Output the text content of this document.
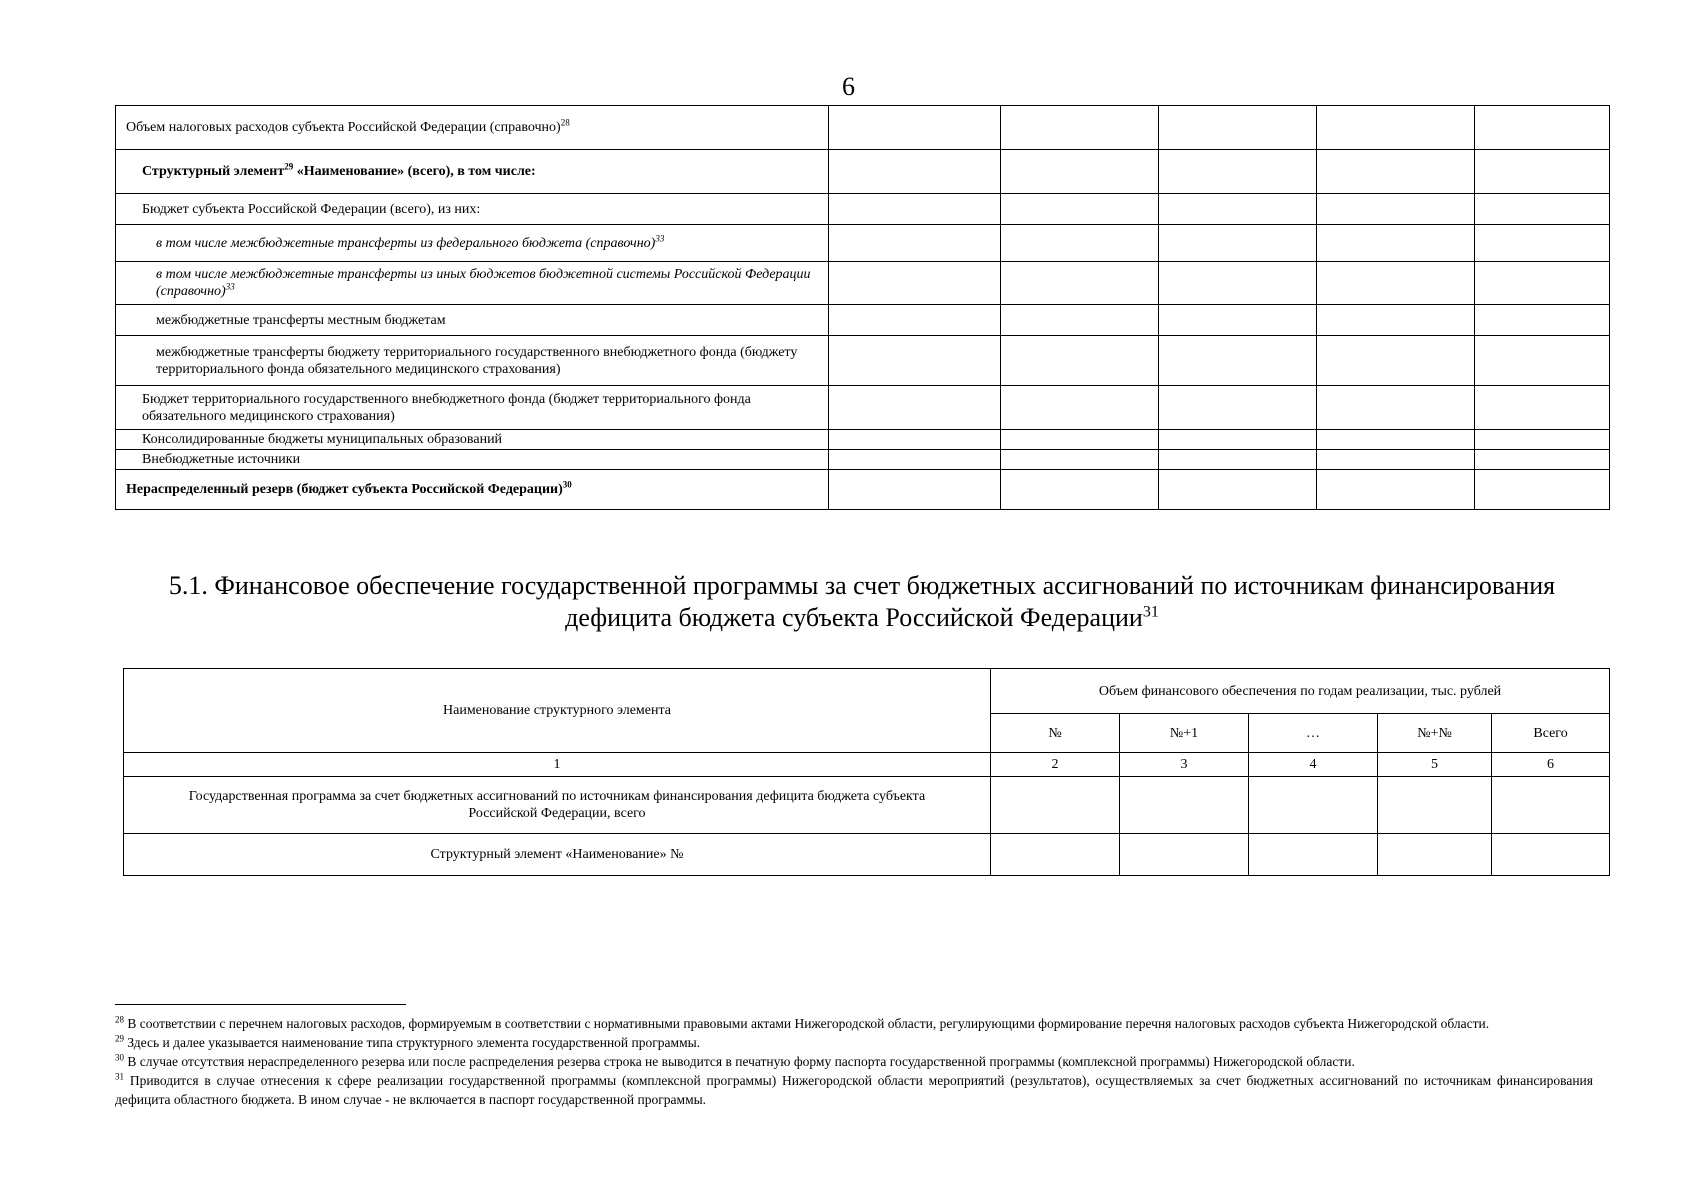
6
Объем налоговых расходов субъекта Российской Федерации (справочно)$^{28}$					
Структурный элемент$^{29}$ «Наименование» (всего), в том числе:					
Бюджет субъекта Российской Федерации (всего), из них:					
в том числе межбюджетные трансферты из федерального бюджета (справочно)$^{33}$					
в том числе межбюджетные трансферты из иных бюджетов бюджетной системы Российской Федерации (справочно)$^{33}$					
межбюджетные трансферты местным бюджетам					
межбюджетные трансферты бюджету территориального государственного внебюджетного фонда (бюджету территориального фонда обязательного медицинского страхования)					
Бюджет территориального государственного внебюджетного фонда (бюджет территориального фонда обязательного медицинского страхования)					
Консолидированные бюджеты муниципальных образований					
Внебюджетные источники					
Нераспределенный резерв (бюджет субъекта Российской Федерации)$^{30}$					
5.1. Финансовое обеспечение государственной программы за счет бюджетных ассигнований по источникам финансирования дефицита бюджета субъекта Российской Федерации$^{31}$
Наименование структурного элемента	Объем финансового обеспечения по годам реализации, тыс. рублей				
	№	№+1	…	№+№	Всего
1	2	3	4	5	6
Государственная программа за счет бюджетных ассигнований по источникам финансирования дефицита бюджета субъекта Российской Федерации, всего					
Структурный элемент «Наименование» №					

$^{28}$ В соответствии с перечнем налоговых расходов, формируемым в соответствии с нормативными правовыми актами Нижегородской области, регулирующими формирование перечня налоговых расходов субъекта Нижегородской области.

$^{29}$ Здесь и далее указывается наименование типа структурного элемента государственной программы.

$^{30}$ В случае отсутствия нераспределенного резерва или после распределения резерва строка не выводится в печатную форму паспорта государственной программы (комплексной программы) Нижегородской области.

$^{31}$ Приводится в случае отнесения к сфере реализации государственной программы (комплексной программы) Нижегородской области мероприятий (результатов), осуществляемых за счет бюджетных ассигнований по источникам финансирования дефицита областного бюджета. В ином случае - не включается в паспорт государственной программы.
